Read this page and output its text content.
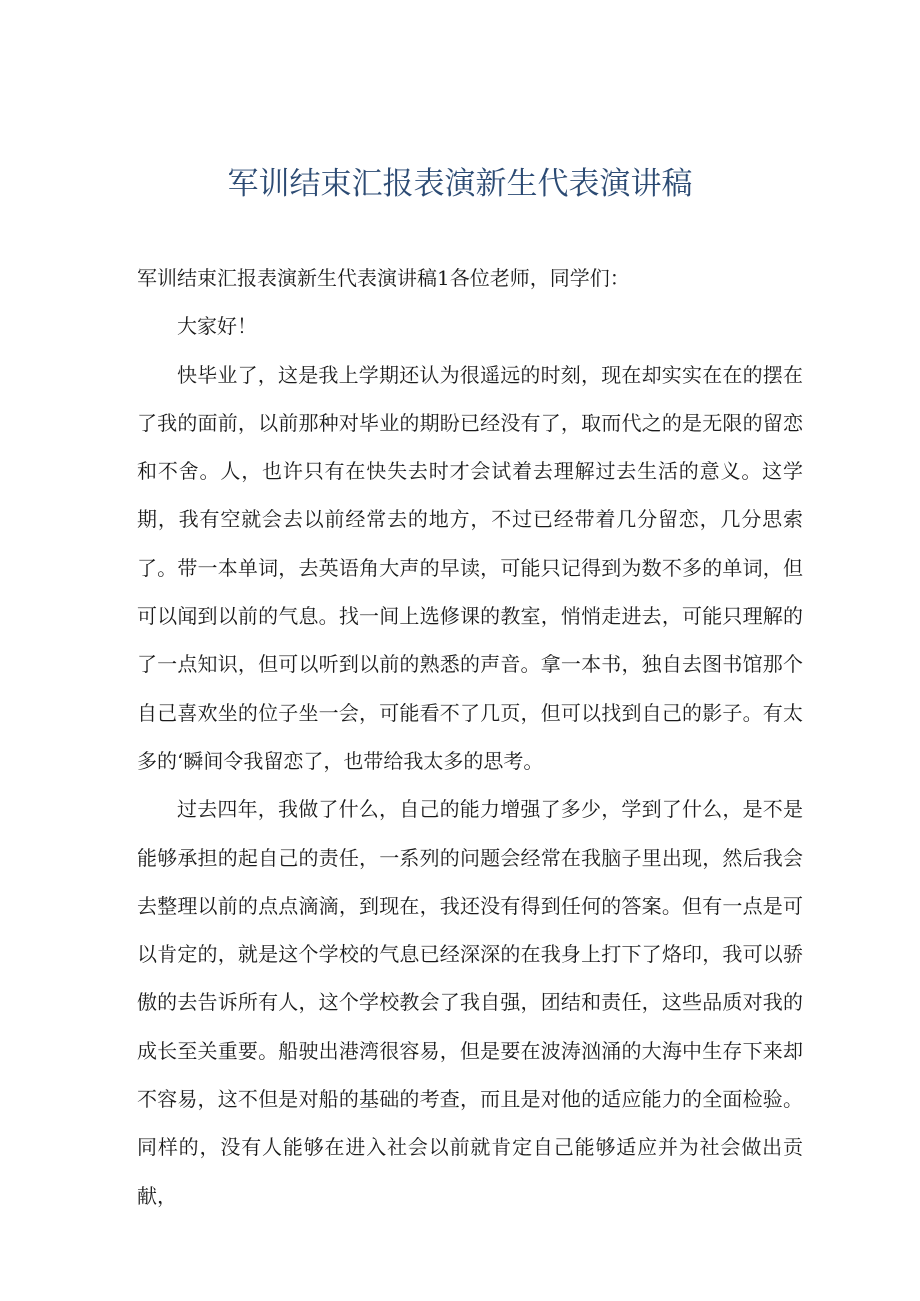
军训结束汇报表演新生代表演讲稿

军训结束汇报表演新生代表演讲稿1各位老师，同学们：

大家好！

快毕业了，这是我上学期还认为很遥远的时刻，现在却实实在在的摆在了我的面前，以前那种对毕业的期盼已经没有了，取而代之的是无限的留恋和不舍。人，也许只有在快失去时才会试着去理解过去生活的意义。这学期，我有空就会去以前经常去的地方，不过已经带着几分留恋，几分思索了。带一本单词，去英语角大声的早读，可能只记得到为数不多的单词，但可以闻到以前的气息。找一间上选修课的教室，悄悄走进去，可能只理解的了一点知识，但可以听到以前的熟悉的声音。拿一本书，独自去图书馆那个自己喜欢坐的位子坐一会，可能看不了几页，但可以找到自己的影子。有太多的‘瞬间令我留恋了，也带给我太多的思考。

过去四年，我做了什么，自己的能力增强了多少，学到了什么，是不是能够承担的起自己的责任，一系列的问题会经常在我脑子里出现，然后我会去整理以前的点点滴滴，到现在，我还没有得到任何的答案。但有一点是可以肯定的，就是这个学校的气息已经深深的在我身上打下了烙印，我可以骄傲的去告诉所有人，这个学校教会了我自强，团结和责任，这些品质对我的成长至关重要。船驶出港湾很容易，但是要在波涛汹涌的大海中生存下来却不容易，这不但是对船的基础的考查，而且是对他的适应能力的全面检验。同样的，没有人能够在进入社会以前就肯定自己能够适应并为社会做出贡献，
